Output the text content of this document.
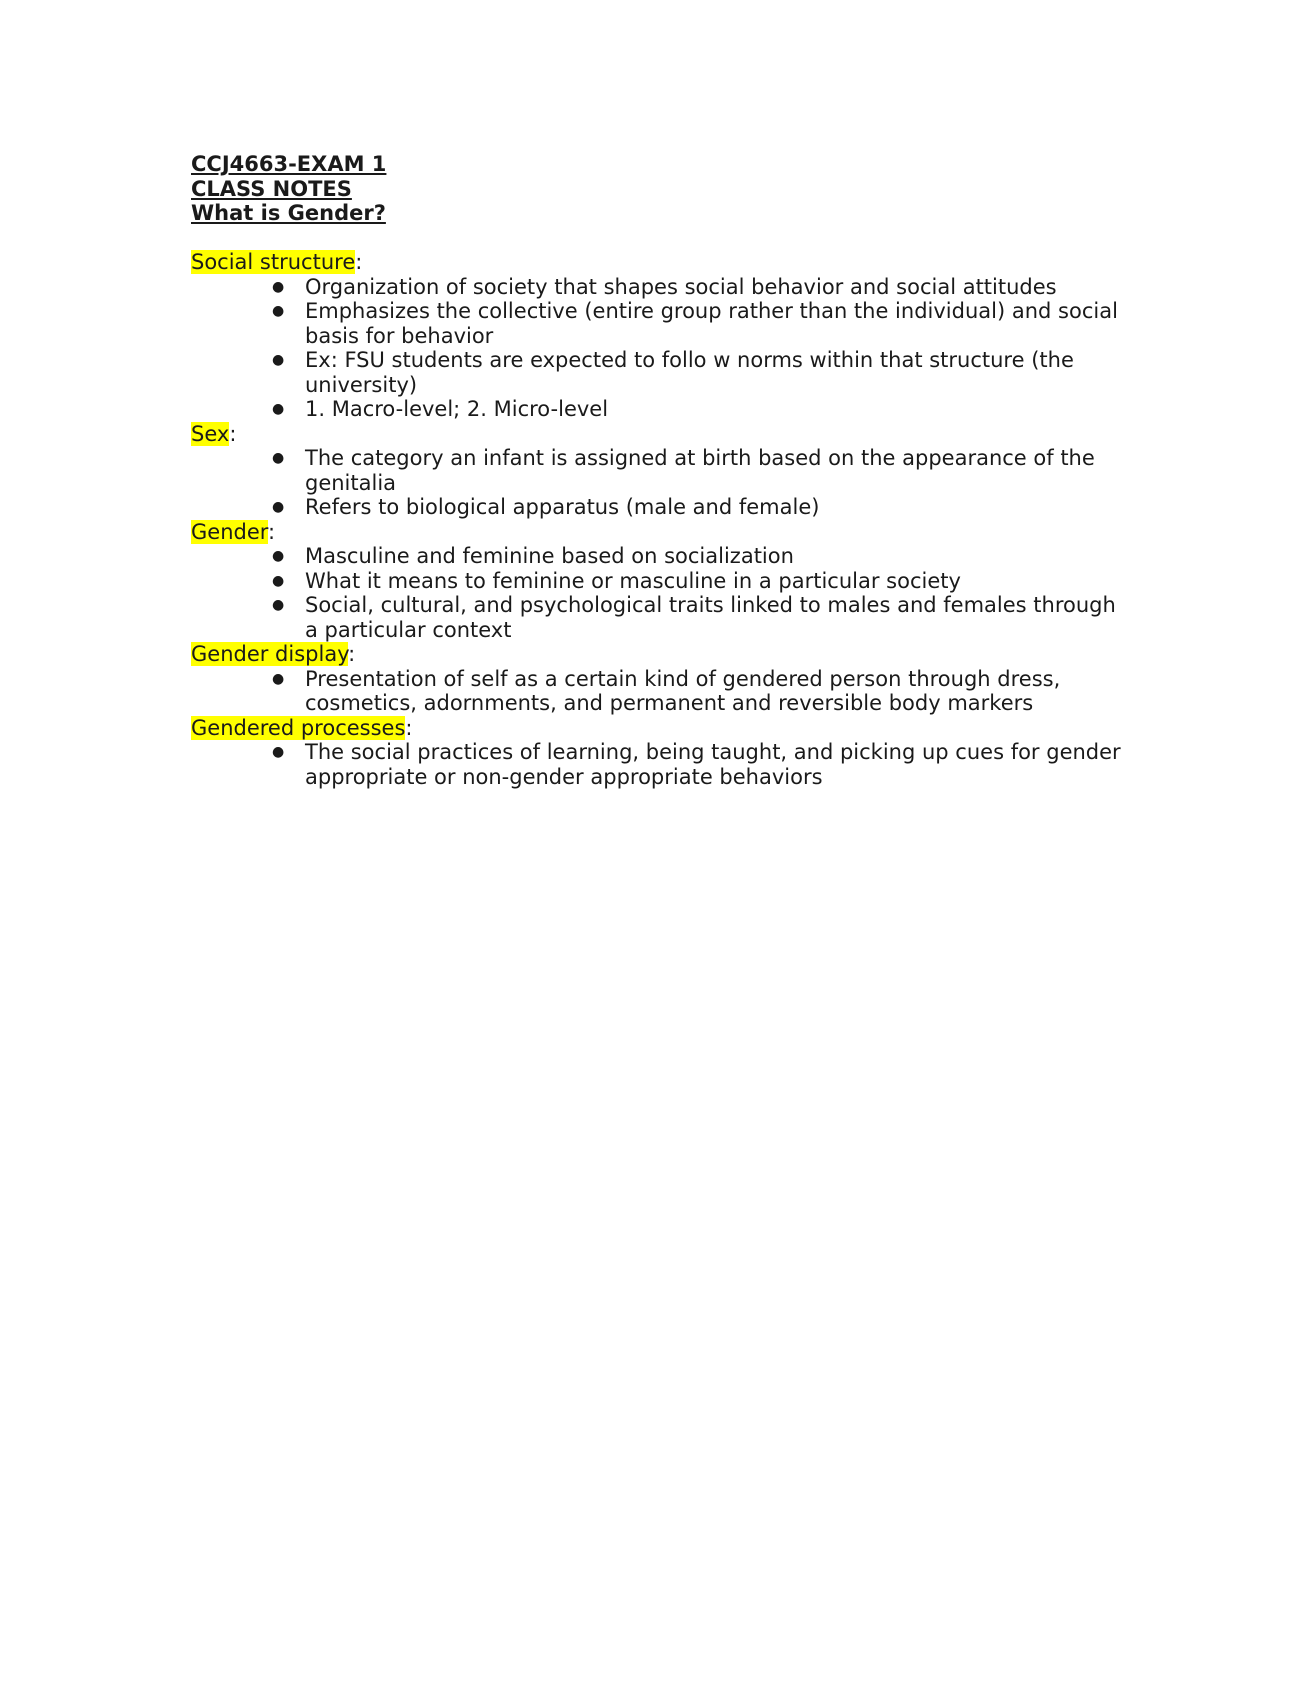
CCJ4663-EXAM 1

CLASS NOTES

What is Gender?

Social structure:

● Organization of society that shapes social behavior and social attitudes
● Emphasizes the collective (entire group rather than the individual) and social basis for behavior
● Ex: FSU students are expected to follo w norms within that structure (the university)
● 1. Macro-level; 2. Micro-level

Sex:

● The category an infant is assigned at birth based on the appearance of the genitalia
● Refers to biological apparatus (male and female)

Gender:

● Masculine and feminine based on socialization
● What it means to feminine or masculine in a particular society
● Social, cultural, and psychological traits linked to males and females through a particular context

Gender display:

● Presentation of self as a certain kind of gendered person through dress, cosmetics, adornments, and permanent and reversible body markers

Gendered processes:

● The social practices of learning, being taught, and picking up cues for gender appropriate or non-gender appropriate behaviors
